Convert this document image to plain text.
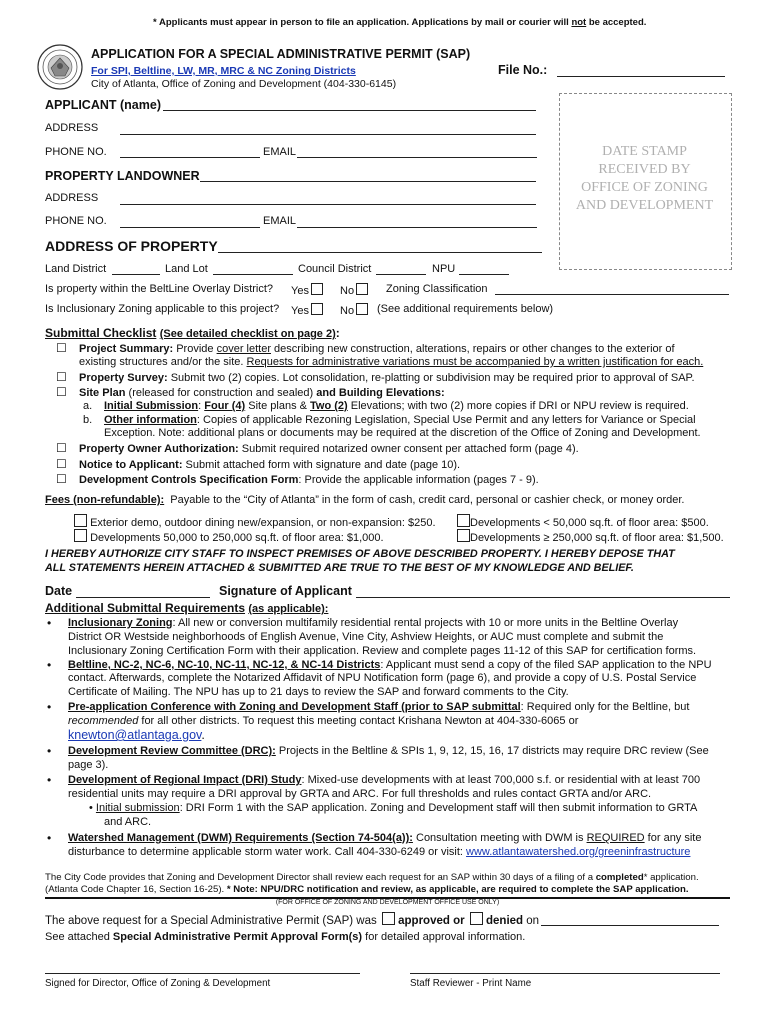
* Applicants must appear in person to file an application. Applications by mail or courier will not be accepted.
APPLICATION FOR A SPECIAL ADMINISTRATIVE PERMIT (SAP)
For SPI, Beltline, LW, MR, MRC & NC Zoning Districts
City of Atlanta, Office of Zoning and Development (404-330-6145)
File No.:
DATE STAMP
RECEIVED BY
OFFICE OF ZONING
AND DEVELOPMENT
APPLICANT (name)
ADDRESS
PHONE NO.	EMAIL
PROPERTY LANDOWNER
ADDRESS
PHONE NO.	EMAIL
ADDRESS OF PROPERTY
Land District	Land Lot	Council District	NPU
Is property within the BeltLine Overlay District? Yes	No	Zoning Classification
Is Inclusionary Zoning applicable to this project? Yes	No	(See additional requirements below)
Submittal Checklist (See detailed checklist on page 2):
☐ Project Summary: Provide cover letter describing new construction, alterations, repairs or other changes to the exterior of
existing structures and/or the site. Requests for administrative variations must be accompanied by a written justification for each.
☐ Property Survey: Submit two (2) copies. Lot consolidation, re-platting or subdivision may be required prior to approval of SAP.
☐ Site Plan (released for construction and sealed) and Building Elevations:
a. Initial Submission: Four (4) Site plans & Two (2) Elevations; with two (2) more copies if DRI or NPU review is required.
b. Other information: Copies of applicable Rezoning Legislation, Special Use Permit and any letters for Variance or Special
Exception. Note: additional plans or documents may be required at the discretion of the Office of Zoning and Development.
☐ Property Owner Authorization: Submit required notarized owner consent per attached form (page 4).
☐ Notice to Applicant: Submit attached form with signature and date (page 10).
☐ Development Controls Specification Form: Provide the applicable information (pages 7 - 9).
Fees (non-refundable): Payable to the “City of Atlanta” in the form of cash, credit card, personal or cashier check, or money order.
Exterior demo, outdoor dining new/expansion, or non-expansion: $250.	Developments < 50,000 sq.ft. of floor area: $500.
Developments 50,000 to 250,000 sq.ft. of floor area: $1,000.	Developments ≥ 250,000 sq.ft. of floor area: $1,500.
I HEREBY AUTHORIZE CITY STAFF TO INSPECT PREMISES OF ABOVE DESCRIBED PROPERTY. I HEREBY DEPOSE THAT
ALL STATEMENTS HEREIN ATTACHED & SUBMITTED ARE TRUE TO THE BEST OF MY KNOWLEDGE AND BELIEF.
Date	Signature of Applicant
Additional Submittal Requirements (as applicable):
• Inclusionary Zoning: All new or conversion multifamily residential rental projects with 10 or more units in the Beltline Overlay
District OR Westside neighborhoods of English Avenue, Vine City, Ashview Heights, or AUC must complete and submit the
Inclusionary Zoning Certification Form with their application. Review and complete pages 11-12 of this SAP for certification forms.
• Beltline, NC-2, NC-6, NC-10, NC-11, NC-12, & NC-14 Districts: Applicant must send a copy of the filed SAP application to the NPU
contact. Afterwards, complete the Notarized Affidavit of NPU Notification form (page 6), and provide a copy of U.S. Postal Service
Certificate of Mailing. The NPU has up to 21 days to review the SAP and forward comments to the City.
• Pre-application Conference with Zoning and Development Staff (prior to SAP submittal: Required only for the Beltline, but
recommended for all other districts. To request this meeting contact Krishana Newton at 404-330-6065 or
knewton@atlantaga.gov.
• Development Review Committee (DRC): Projects in the Beltline & SPIs 1, 9, 12, 15, 16, 17 districts may require DRC review (See
page 3).
• Development of Regional Impact (DRI) Study: Mixed-use developments with at least 700,000 s.f. or residential with at least 700
residential units may require a DRI approval by GRTA and ARC. For full thresholds and rules contact GRTA and/or ARC.
• Initial submission: DRI Form 1 with the SAP application. Zoning and Development staff will then submit information to GRTA
and ARC.
• Watershed Management (DWM) Requirements (Section 74-504(a)): Consultation meeting with DWM is REQUIRED for any site
disturbance to determine applicable storm water work. Call 404-330-6249 or visit: www.atlantawatershed.org/greeninfrastructure
The City Code provides that Zoning and Development Director shall review each request for an SAP within 30 days of a filing of a completed* application.
(Atlanta Code Chapter 16, Section 16-25). * Note: NPU/DRC notification and review, as applicable, are required to complete the SAP application.
(FOR OFFICE OF ZONING AND DEVELOPMENT OFFICE USE ONLY)
The above request for a Special Administrative Permit (SAP) was approved or denied on
See attached Special Administrative Permit Approval Form(s) for detailed approval information.
Signed for Director, Office of Zoning & Development	Staff Reviewer - Print Name
